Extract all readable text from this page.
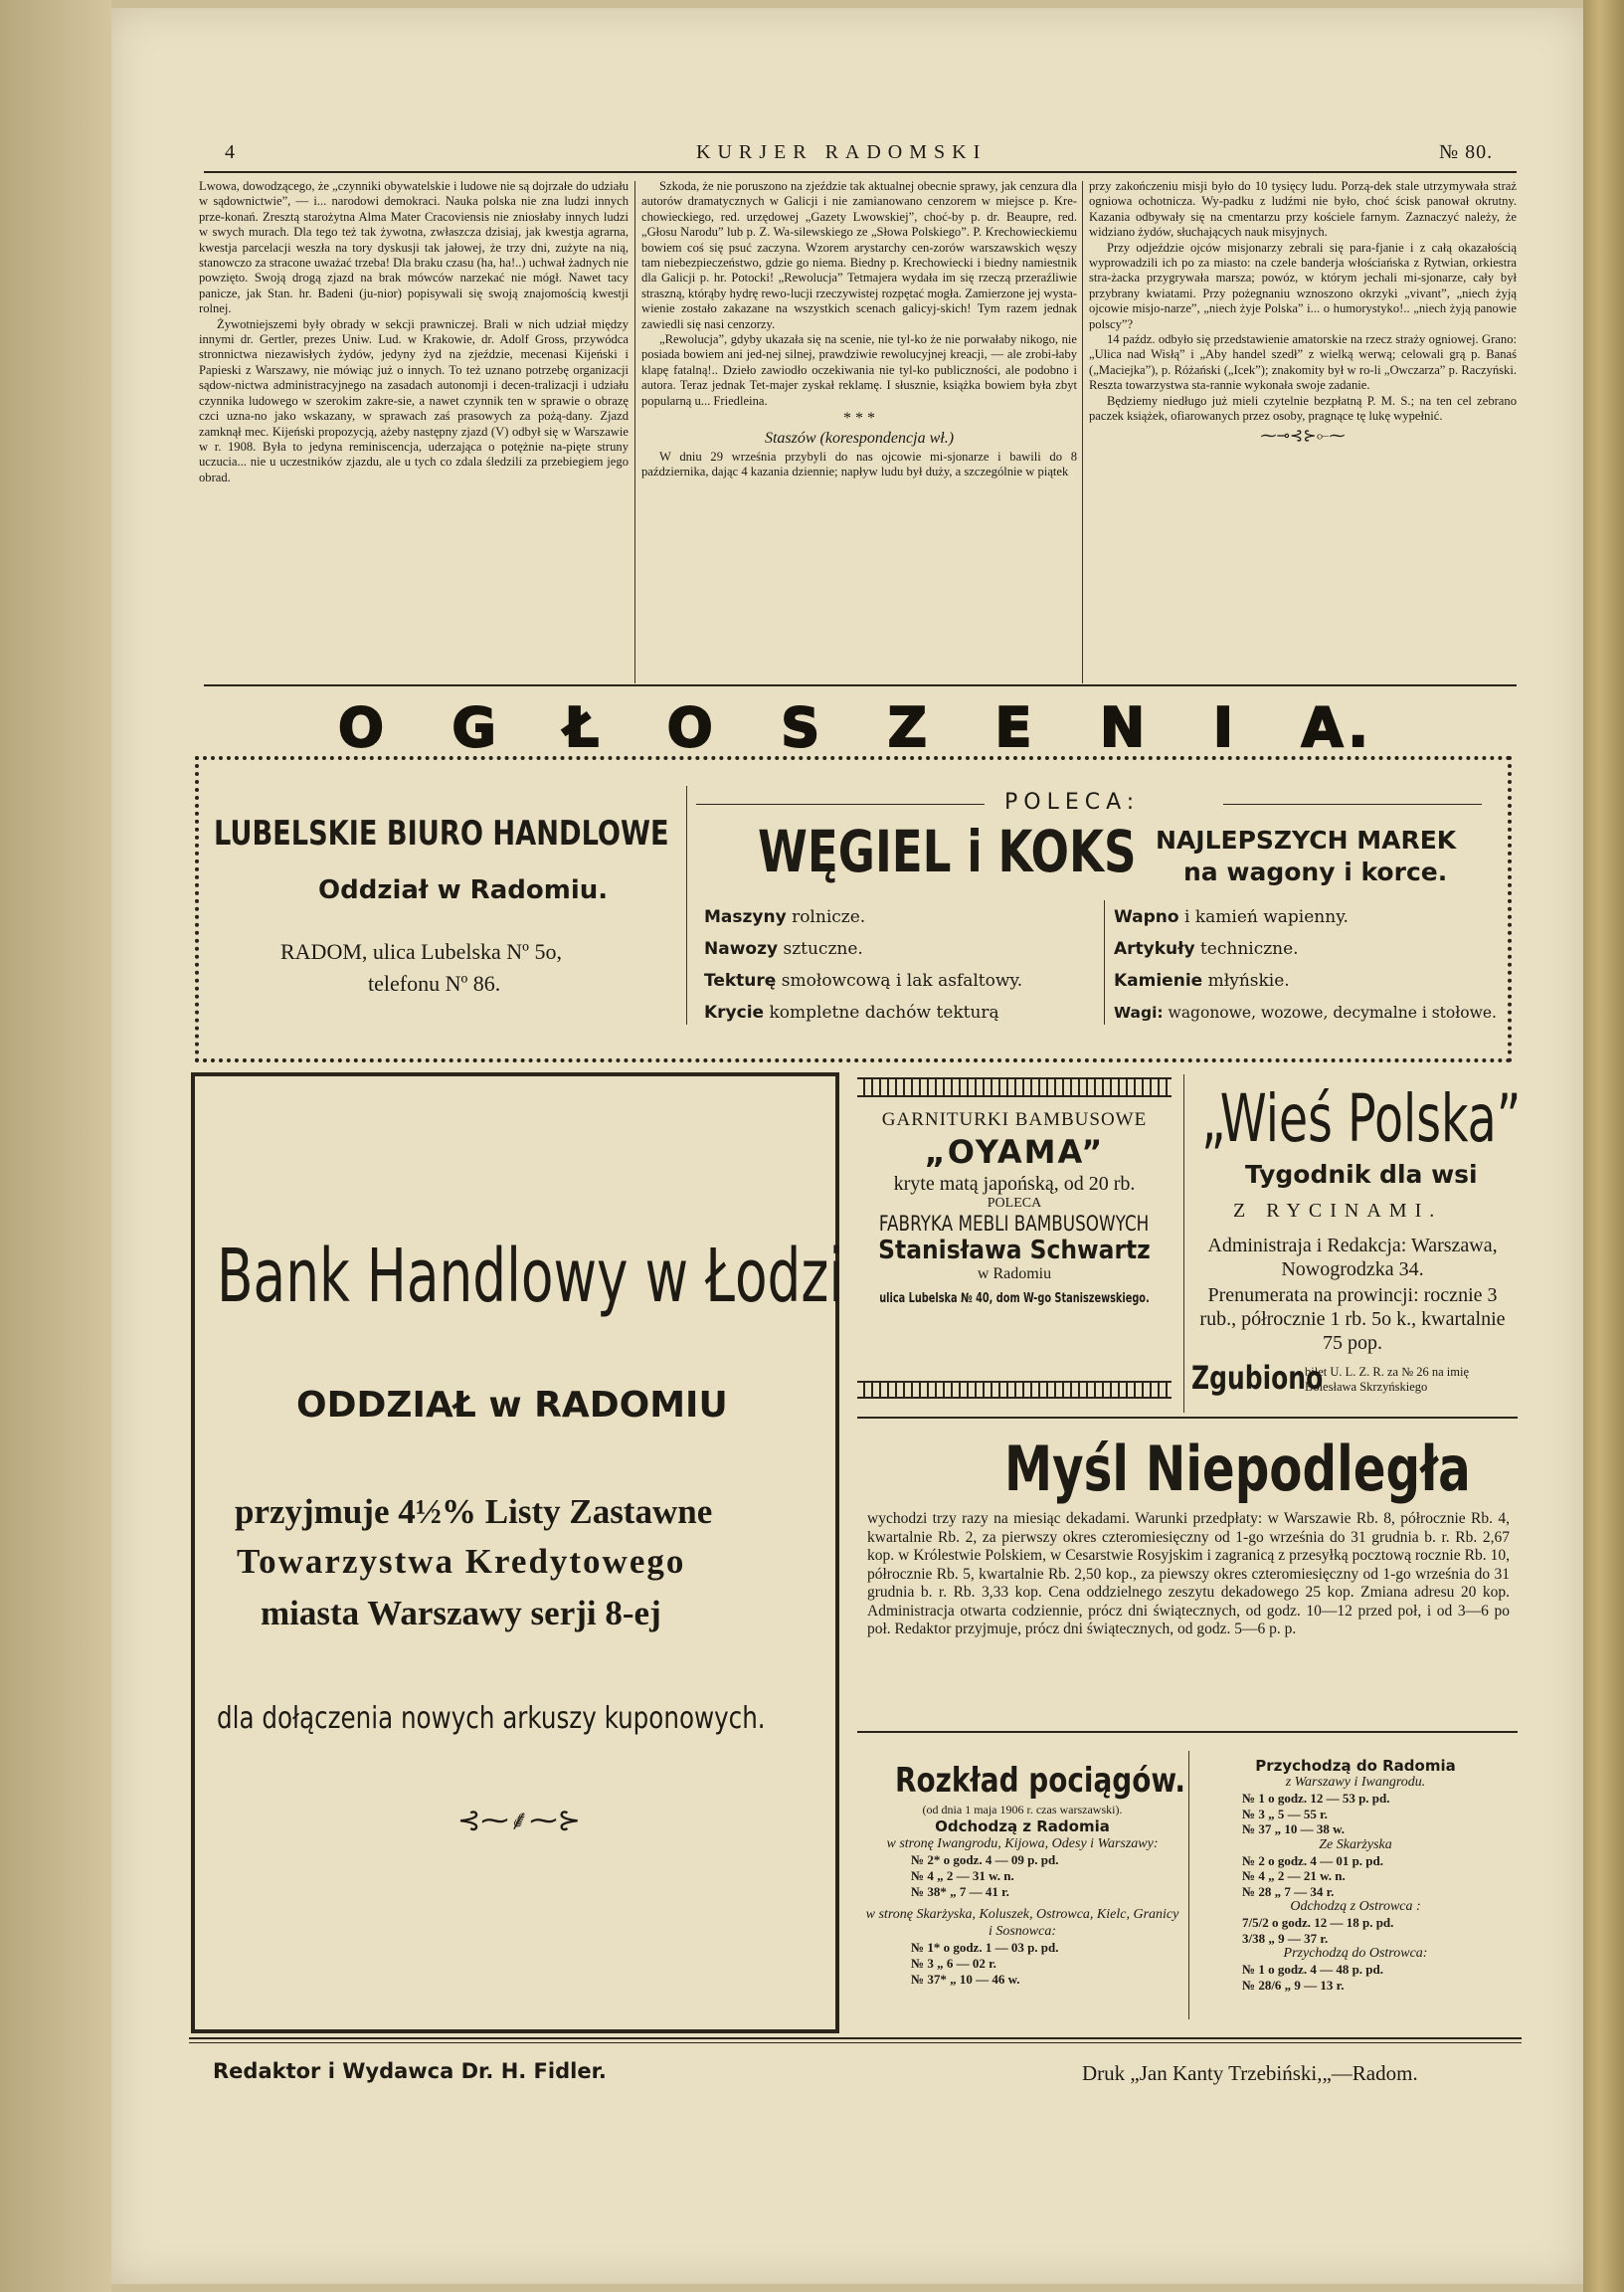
4	KURJER RADOMSKI	№ 80.

Lwowa, dowodzącego, że „czynniki obywatelskie i ludowe nie są dojrzałe do udziału w sądownictwie”, — i... narodowi demokraci. Nauka polska nie zna ludzi innych prze-konań. Zresztą starożytna Alma Mater Cracoviensis nie zniosłaby innych ludzi w swych murach. Dla tego też tak żywotna, zwłaszcza dzisiaj, jak kwestja agrarna, kwestja parcelacji weszła na tory dyskusji tak jałowej, że trzy dni, zużyte na nią, stanowczo za stracone uważać trzeba! Dla braku czasu (ha, ha!..) uchwał żadnych nie powzięto. Swoją drogą zjazd na brak mówców narzekać nie mógł. Nawet tacy panicze, jak Stan. hr. Badeni (ju-nior) popisywali się swoją znajomością kwestji rolnej.

Żywotniejszemi były obrady w sekcji prawniczej. Brali w nich udział między innymi dr. Gertler, prezes Uniw. Lud. w Krakowie, dr. Adolf Gross, przywódca stronnictwa niezawisłych żydów, jedyny żyd na zjeździe, mecenasi Kijeński i Papieski z Warszawy, nie mówiąc już o innych. To też uznano potrzebę organizacji sądow-nictwa administracyjnego na zasadach autonomji i decen-tralizacji i udziału czynnika ludowego w szerokim zakre-sie, a nawet czynnik ten w sprawie o obrazę czci uzna-no jako wskazany, w sprawach zaś prasowych za pożą-dany. Zjazd zamknął mec. Kijeński propozycją, ażeby następny zjazd (V) odbył się w Warszawie w r. 1908. Była to jedyna reminiscencja, uderzająca o potężnie na-pięte struny uczucia... nie u uczestników zjazdu, ale u tych co zdala śledzili za przebiegiem jego obrad.

Szkoda, że nie poruszono na zjeździe tak aktualnej obecnie sprawy, jak cenzura dla autorów dramatycznych w Galicji i nie zamianowano cenzorem w miejsce p. Kre-chowieckiego, red. urzędowej „Gazety Lwowskiej”, choć-by p. dr. Beaupre, red. „Głosu Narodu” lub p. Z. Wa-silewskiego ze „Słowa Polskiego”. P. Krechowieckiemu bowiem coś się psuć zaczyna. Wzorem arystarchy cen-zorów warszawskich węszy tam niebezpieczeństwo, gdzie go niema. Biedny p. Krechowiecki i biedny namiestnik dla Galicji p. hr. Potocki! „Rewolucja” Tetmajera wydała im się rzeczą przeraźliwie straszną, którąby hydrę rewo-lucji rzeczywistej rozpętać mogła. Zamierzone jej wysta-wienie zostało zakazane na wszystkich scenach galicyj-skich! Tym razem jednak zawiedli się nasi cenzorzy.

„Rewolucja”, gdyby ukazała się na scenie, nie tyl-ko że nie porwałaby nikogo, nie posiada bowiem ani jed-nej silnej, prawdziwie rewolucyjnej kreacji, — ale zrobi-łaby klapę fatalną!.. Dzieło zawiodło oczekiwania nie tyl-ko publiczności, ale podobno i autora. Teraz jednak Tet-majer zyskał reklamę. I słusznie, książka bowiem była zbyt popularną u... Friedleina.

* * *

Staszów (korespondencja wł.)

W dniu 29 września przybyli do nas ojcowie mi-sjonarze i bawili do 8 października, dając 4 kazania dziennie; napływ ludu był duży, a szczególnie w piątek

przy zakończeniu misji było do 10 tysięcy ludu. Porzą-dek stale utrzymywała straż ogniowa ochotnicza. Wy-padku z ludźmi nie było, choć ścisk panował okrutny. Kazania odbywały się na cmentarzu przy kościele farnym. Zaznaczyć należy, że widziano żydów, słuchających nauk misyjnych.

Przy odjeździe ojców misjonarzy zebrali się para-fjanie i z całą okazałością wyprowadzili ich po za miasto: na czele banderja włościańska z Rytwian, orkiestra stra-żacka przygrywała marsza; powóz, w którym jechali mi-sjonarze, cały był przybrany kwiatami. Przy pożegnaniu wznoszono okrzyki „vivant”, „niech żyją ojcowie misjo-narze”, „niech żyje Polska” i... o humorystyko!.. „niech żyją panowie polscy”?

14 paźdz. odbyło się przedstawienie amatorskie na rzecz straży ogniowej. Grano: „Ulica nad Wisłą” i „Aby handel szedł” z wielką werwą; celowali grą p. Banaś („Maciejka”), p. Różański („Icek”); znakomity był w ro-li „Owczarza” p. Raczyński. Reszta towarzystwa sta-rannie wykonała swoje zadanie.

Będziemy niedługo już mieli czytelnie bezpłatną P. M. S.; na ten cel zebrano paczek książek, ofiarowanych przez osoby, pragnące tę lukę wypełnić.

⁓⊸⊰⊱⟜⁓

O G Ł O S Z E N I A.
LUBELSKIE BIURO HANDLOWE
Oddział w Radomiu.
RADOM, ulica Lubelska Nº 5o,
telefonu Nº 86.
POLECA:
WĘGIEL i KOKS NAJLEPSZYCH MAREK
na wagony i korce.
Maszyny rolnicze.
Nawozy sztuczne.
Tekturę smołowcową i lak asfaltowy.
Krycie kompletne dachów tekturą
Wapno i kamień wapienny.
Artykuły techniczne.
Kamienie młyńskie.
Wagi: wagonowe, wozowe, decymalne i stołowe.
Bank Handlowy w Łodzi
ODDZIAŁ w RADOMIU
przyjmuje 4½% Listy Zastawne
Towarzystwa Kredytowego
miasta Warszawy serji 8-ej
dla dołączenia nowych arkuszy kuponowych.
⊰⁓⸙⁓⊱
GARNITURKI BAMBUSOWE
„OYAMA”
kryte matą japońską, od 20 rb.
POLECA
FABRYKA MEBLI BAMBUSOWYCH
Stanisława Schwartz
w Radomiu
ulica Lubelska № 40, dom W-go Staniszewskiego.
„Wieś Polska”
Tygodnik dla wsi
Z RYCINAMI.
Administraja i Redakcja: Warszawa, Nowogrodzka 34.
Prenumerata na prowincji: rocznie 3 rub., półrocznie 1 rb. 5o k., kwartalnie 75 pop.
Zgubiono
bilet U. L. Z. R. za № 26 na imię Bolesława Skrzyńskiego
Myśl Niepodległa
wychodzi trzy razy na miesiąc dekadami. Warunki przedpłaty: w Warszawie Rb. 8, półrocznie Rb. 4, kwartalnie Rb. 2, za pierwszy okres czteromiesięczny od 1-go września do 31 grudnia b. r. Rb. 2,67 kop. w Królestwie Polskiem, w Cesarstwie Rosyjskim i zagranicą z przesyłką pocztową rocznie Rb. 10, półrocznie Rb. 5, kwartalnie Rb. 2,50 kop., za piewszy okres czteromiesięczny od 1-go września do 31 grudnia b. r. Rb. 3,33 kop. Cena oddzielnego zeszytu dekadowego 25 kop. Zmiana adresu 20 kop. Administracja otwarta codziennie, prócz dni świątecznych, od godz. 10—12 przed poł, i od 3—6 po poł. Redaktor przyjmuje, prócz dni świątecznych, od godz. 5—6 p. p.
Rozkład pociągów.
(od dnia 1 maja 1906 r. czas warszawski).
Odchodzą z Radomia
w stronę Iwangrodu, Kijowa, Odesy i Warszawy:
№ 2* o godz. 4 — 09 p. pd.
№ 4 „ 2 — 31 w. n.
№ 38* „ 7 — 41 r.
w stronę Skarżyska, Koluszek, Ostrowca, Kielc, Granicy i Sosnowca:
№ 1* o godz. 1 — 03 p. pd.
№ 3 „ 6 — 02 r.
№ 37* „ 10 — 46 w.
Przychodzą do Radomia
z Warszawy i Iwangrodu.
№ 1 o godz. 12 — 53 p. pd.
№ 3 „ 5 — 55 r.
№ 37 „ 10 — 38 w.
Ze Skarżyska
№ 2 o godz. 4 — 01 p. pd.
№ 4 „ 2 — 21 w. n.
№ 28 „ 7 — 34 r.
Odchodzą z Ostrowca :
7/5/2 o godz. 12 — 18 p. pd.
3/38 „ 9 — 37 r.
Przychodzą do Ostrowca:
№ 1 o godz. 4 — 48 p. pd.
№ 28/6 „ 9 — 13 r.
Redaktor i Wydawca Dr. H. Fidler.	Druk „Jan Kanty Trzebiński,„—Radom.
